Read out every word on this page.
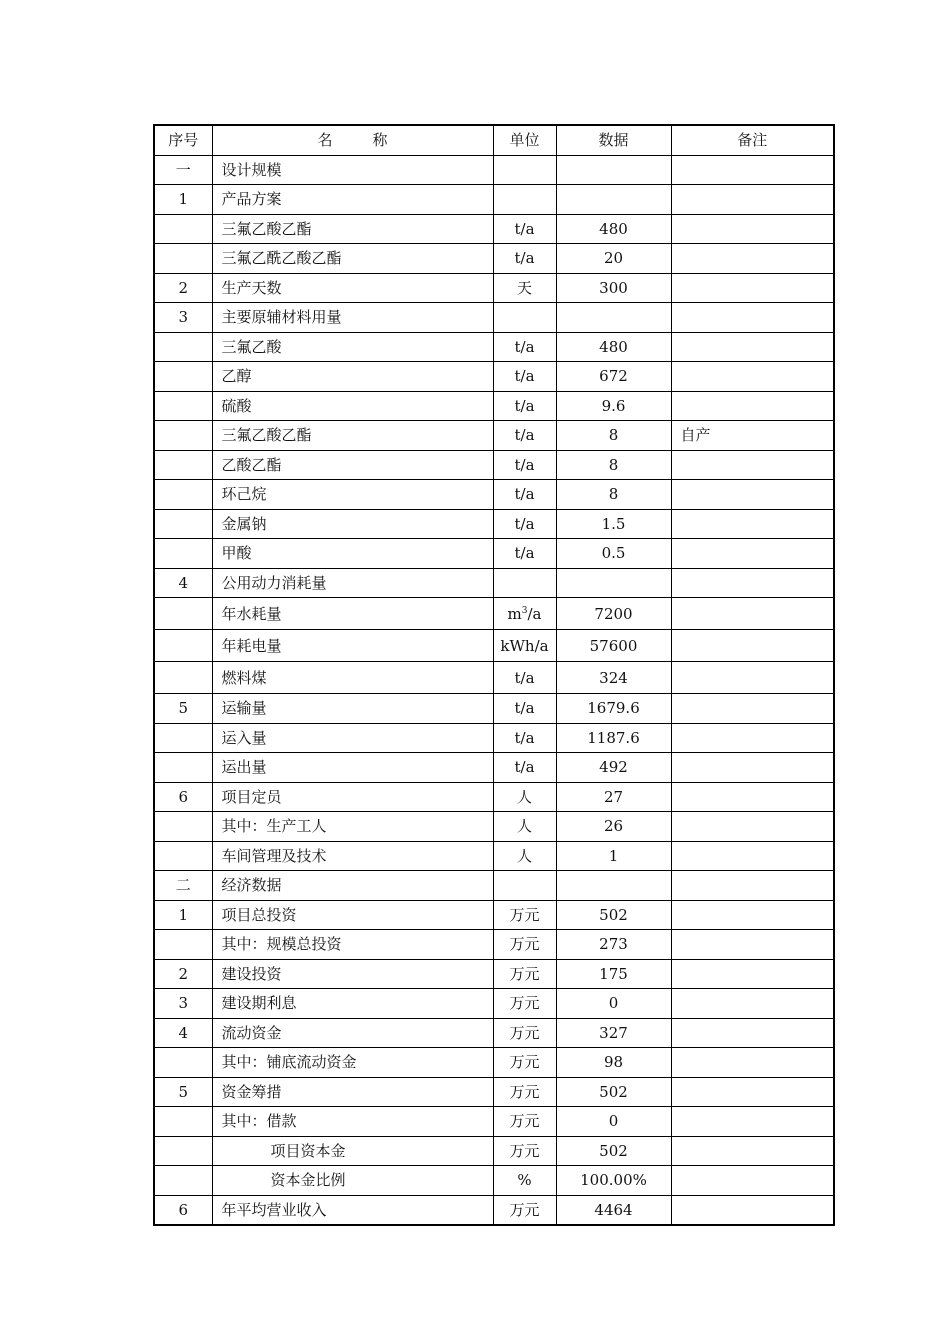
序号	名 称	单位	数据	备注
一	设计规模			
1	产品方案			
	三氟乙酸乙酯	t/a	480	
	三氟乙酰乙酸乙酯	t/a	20	
2	生产天数	天	300	
3	主要原辅材料用量			
	三氟乙酸	t/a	480	
	乙醇	t/a	672	
	硫酸	t/a	9.6	
	三氟乙酸乙酯	t/a	8	自产
	乙酸乙酯	t/a	8	
	环己烷	t/a	8	
	金属钠	t/a	1.5	
	甲酸	t/a	0.5	
4	公用动力消耗量			
	年水耗量	$m^3/a$	7200	
	年耗电量	kWh/a	57600	
	燃料煤	t/a	324	
5	运输量	t/a	1679.6	
	运入量	t/a	1187.6	
	运出量	t/a	492	
6	项目定员	人	27	
	其中：生产工人	人	26	
	车间管理及技术	人	1	
二	经济数据			
1	项目总投资	万元	502	
	其中：规模总投资	万元	273	
2	建设投资	万元	175	
3	建设期利息	万元	0	
4	流动资金	万元	327	
	其中：铺底流动资金	万元	98	
5	资金筹措	万元	502	
	其中：借款	万元	0	
	项目资本金	万元	502	
	资本金比例	%	100.00%	
6	年平均营业收入	万元	4464	
